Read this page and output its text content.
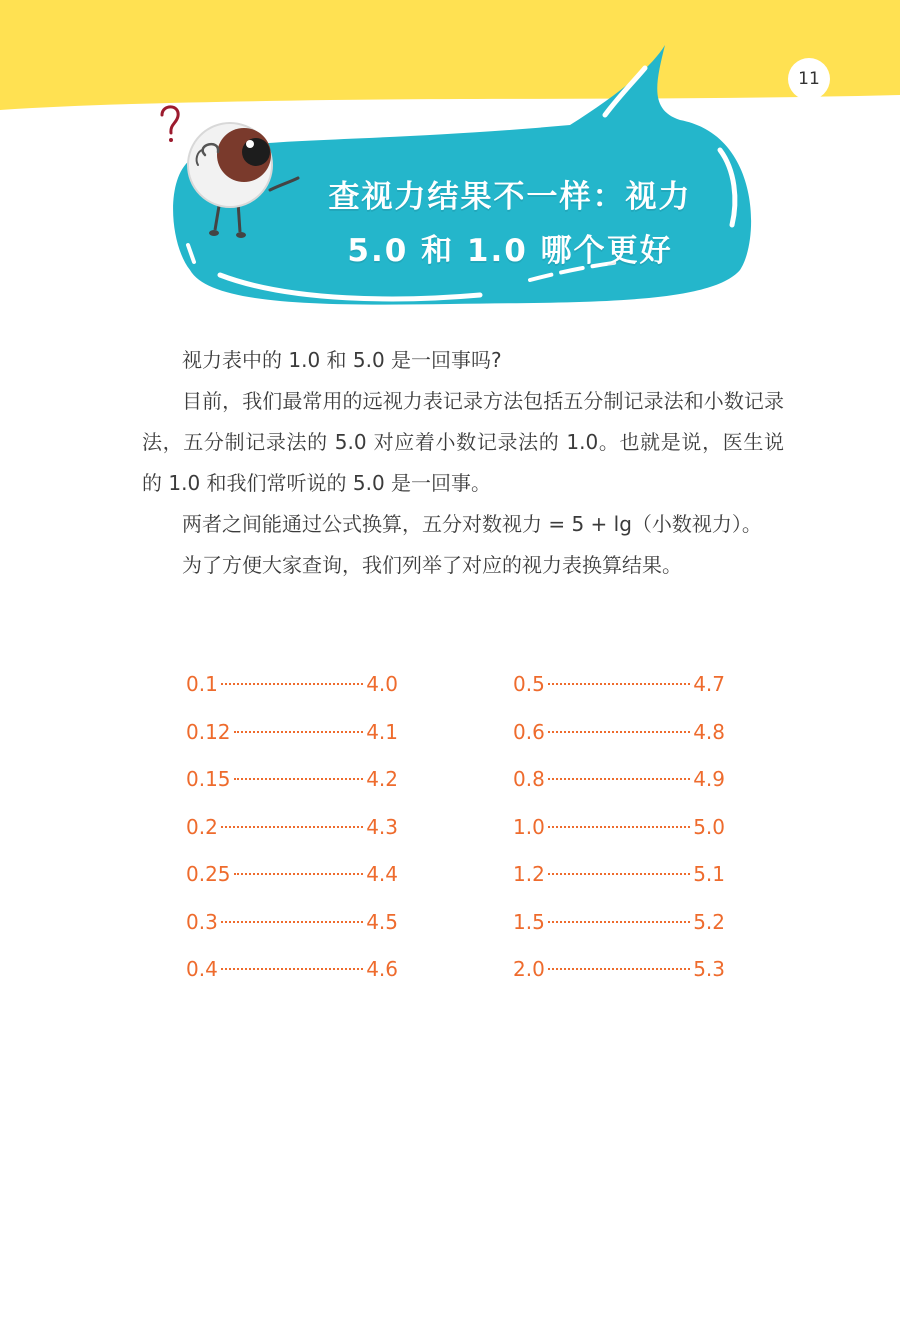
11
查视力结果不一样：视力
5.0 和 1.0 哪个更好

视力表中的 1.0 和 5.0 是一回事吗?

目前，我们最常用的远视力表记录方法包括五分制记录法和小数记录法，五分制记录法的 5.0 对应着小数记录法的 1.0。也就是说，医生说的 1.0 和我们常听说的 5.0 是一回事。

两者之间能通过公式换算，五分对数视力 = 5 + lg（小数视力）。

为了方便大家查询，我们列举了对应的视力表换算结果。

0.1	4.0
0.12	4.1
0.15	4.2
0.2	4.3
0.25	4.4
0.3	4.5
0.4	4.6
0.5	4.7
0.6	4.8
0.8	4.9
1.0	5.0
1.2	5.1
1.5	5.2
2.0	5.3
